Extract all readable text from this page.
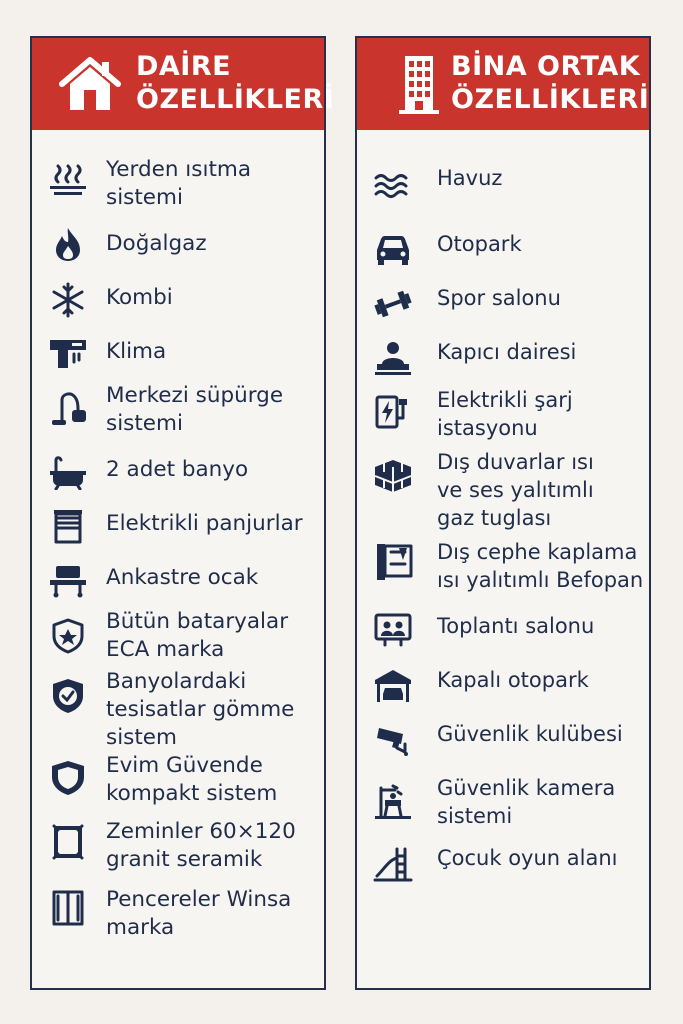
DAİRE
ÖZELLİKLERİ
Yerden ısıtma
sistemi
Doğalgaz
Kombi
Klima
Merkezi süpürge
sistemi
2 adet banyo
Elektrikli panjurlar
Ankastre ocak
Bütün bataryalar
ECA marka
Banyolardaki
tesisatlar gömme
sistem
Evim Güvende
kompakt sistem
Zeminler 60×120
granit seramik
Pencereler Winsa
marka
BİNA ORTAK
ÖZELLİKLERİ
Havuz
Otopark
Spor salonu
Kapıcı dairesi
Elektrikli şarj
istasyonu
Dış duvarlar ısı
ve ses yalıtımlı
gaz tuglası
Dış cephe kaplama
ısı yalıtımlı Befopan
Toplantı salonu
Kapalı otopark
Güvenlik kulübesi
Güvenlik kamera
sistemi
Çocuk oyun alanı
